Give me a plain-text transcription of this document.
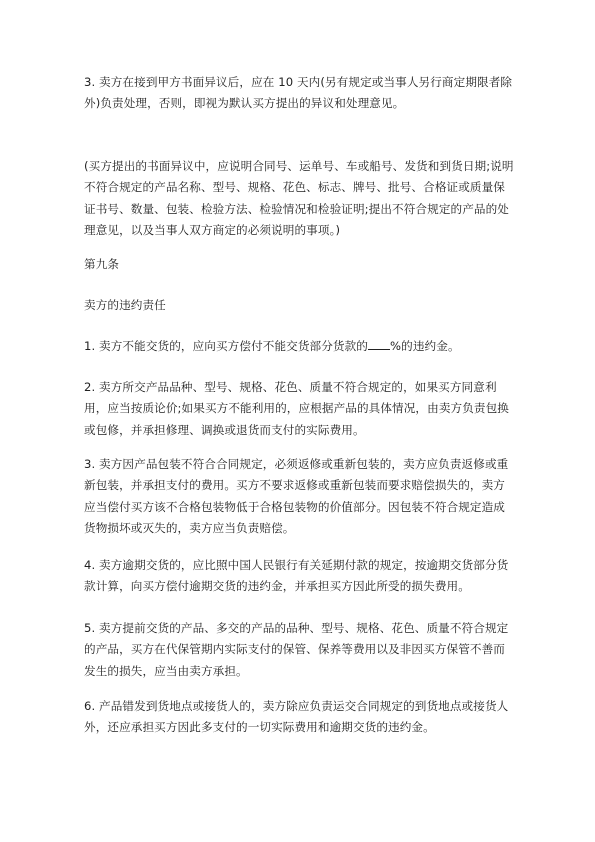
3. 卖方在接到甲方书面异议后，应在 10 天内(另有规定或当事人另行商定期限者除外)负责处理，否则，即视为默认买方提出的异议和处理意见。

(买方提出的书面异议中，应说明合同号、运单号、车或船号、发货和到货日期;说明不符合规定的产品名称、型号、规格、花色、标志、牌号、批号、合格证或质量保证书号、数量、包装、检验方法、检验情况和检验证明;提出不符合规定的产品的处理意见，以及当事人双方商定的必须说明的事项。)

第九条

卖方的违约责任

1. 卖方不能交货的，应向买方偿付不能交货部分货款的 %的违约金。

2. 卖方所交产品品种、型号、规格、花色、质量不符合规定的，如果买方同意利用，应当按质论价;如果买方不能利用的，应根据产品的具体情况，由卖方负责包换或包修，并承担修理、调换或退货而支付的实际费用。

3. 卖方因产品包装不符合合同规定，必须返修或重新包装的，卖方应负责返修或重新包装，并承担支付的费用。买方不要求返修或重新包装而要求赔偿损失的，卖方应当偿付买方该不合格包装物低于合格包装物的价值部分。因包装不符合规定造成货物损坏或灭失的，卖方应当负责赔偿。

4. 卖方逾期交货的，应比照中国人民银行有关延期付款的规定，按逾期交货部分货款计算，向买方偿付逾期交货的违约金，并承担买方因此所受的损失费用。

5. 卖方提前交货的产品、多交的产品的品种、型号、规格、花色、质量不符合规定的产品，买方在代保管期内实际支付的保管、保养等费用以及非因买方保管不善而发生的损失，应当由卖方承担。

6. 产品错发到货地点或接货人的，卖方除应负责运交合同规定的到货地点或接货人外，还应承担买方因此多支付的一切实际费用和逾期交货的违约金。
